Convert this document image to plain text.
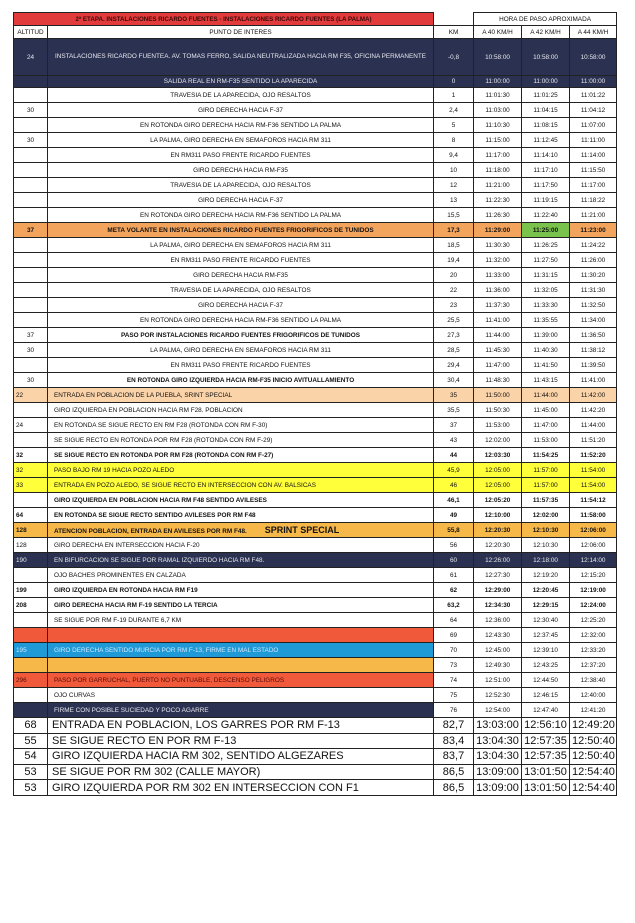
2ª ETAPA. INSTALACIONES RICARDO FUENTES - INSTALACIONES RICARDO FUENTES (LA PALMA)			HORA DE PASO APROXIMADA		
ALTITUD	PUNTO DE INTERES	KM	A 40 KM/H	A 42 KM/H	A 44 KM/H
24	INSTALACIONES RICARDO FUENTEA. AV. TOMAS FERRO, SALIDA NEUTRALIZADA HACIA RM F35, OFICINA PERMANENTE	-0,8	10:58:00	10:58:00	10:58:00
	SALIDA REAL EN RM-F35 SENTIDO LA APARECIDA	0	11:00:00	11:00:00	11:00:00
	TRAVESIA DE LA APARECIDA, OJO RESALTOS	1	11:01:30	11:01:25	11:01:22
30	GIRO DERECHA HACIA F-37	2,4	11:03:00	11:04:15	11:04:12
	EN ROTONDA GIRO DERECHA HACIA RM-F36 SENTIDO LA PALMA	5	11:10:30	11:08:15	11:07:00
30	LA PALMA, GIRO DERECHA EN SEMAFOROS HACIA RM 311	8	11:15:00	11:12:45	11:11:00
	EN RM311 PASO FRENTE RICARDO FUENTES	9,4	11:17:00	11:14:10	11:14:00
	GIRO DERECHA HACIA RM-F35	10	11:18:00	11:17:10	11:15:50
	TRAVESIA DE LA APARECIDA, OJO RESALTOS	12	11:21:00	11:17:50	11:17:00
	GIRO DERECHA HACIA F-37	13	11:22:30	11:19:15	11:18:22
	EN ROTONDA GIRO DERECHA HACIA RM-F36 SENTIDO LA PALMA	15,5	11:26:30	11:22:40	11:21:00
37	META VOLANTE EN INSTALACIONES RICARDO FUENTES FRIGORIFICOS DE TUNIDOS	17,3	11:29:00	11:25:00	11:23:00
	LA PALMA, GIRO DERECHA EN SEMAFOROS HACIA RM 311	18,5	11:30:30	11:26:25	11:24:22
	EN RM311 PASO FRENTE RICARDO FUENTES	19,4	11:32:00	11:27:50	11:26:00
	GIRO DERECHA HACIA RM-F35	20	11:33:00	11:31:15	11:30:20
	TRAVESIA DE LA APARECIDA, OJO RESALTOS	22	11:36:00	11:32:05	11:31:30
	GIRO DERECHA HACIA F-37	23	11:37:30	11:33:30	11:32:50
	EN ROTONDA GIRO DERECHA HACIA RM-F36 SENTIDO LA PALMA	25,5	11:41:00	11:35:55	11:34:00
37	PASO POR INSTALACIONES RICARDO FUENTES FRIGORIFICOS DE TUNIDOS	27,3	11:44:00	11:39:00	11:36:50
30	LA PALMA, GIRO DERECHA EN SEMAFOROS HACIA RM 311	28,5	11:45:30	11:40:30	11:38:12
	EN RM311 PASO FRENTE RICARDO FUENTES	29,4	11:47:00	11:41:50	11:39:50
30	EN ROTONDA GIRO IZQUIERDA HACIA RM-F35 INICIO AVITUALLAMIENTO	30,4	11:48:30	11:43:15	11:41:00
22	ENTRADA EN POBLACION DE LA PUEBLA, SRINT SPECIAL	35	11:50:00	11:44:00	11:42:00
	GIRO IZQUIERDA EN POBLACION HACIA RM F28. POBLACION	35,5	11:50:30	11:45:00	11:42:20
24	EN ROTONDA SE SIGUE RECTO EN RM F28 (ROTONDA CON RM F-30)	37	11:53:00	11:47:00	11:44:00
	SE SIGUE RECTO EN ROTONDA POR RM F28 (ROTONDA CON RM F-29)	43	12:02:00	11:53:00	11:51:20
32	SE SIGUE RECTO EN ROTONDA POR RM F28 (ROTONDA CON RM F-27)	44	12:03:30	11:54:25	11:52:20
32	PASO BAJO RM 19 HACIA POZO ALEDO	45,9	12:05:00	11:57:00	11:54:00
33	ENTRADA EN POZO ALEDO, SE SIGUE RECTO EN INTERSECCION CON AV. BALSICAS	46	12:05:00	11:57:00	11:54:00
	GIRO IZQUIERDA EN POBLACION HACIA RM F48 SENTIDO AVILESES	46,1	12:05:20	11:57:35	11:54:12
64	EN ROTONDA SE SIGUE RECTO SENTIDO AVILESES POR RM F48	49	12:10:00	12:02:00	11:58:00
128	ATENCION POBLACION, ENTRADA EN AVILESES POR RM F48. SPRINT SPECIAL	55,8	12:20:30	12:10:30	12:06:00
128	GIRO DERECHA EN INTERSECCION HACIA F-20	56	12:20:30	12:10:30	12:06:00
190	EN BIFURCACION SE SIGUE POR RAMAL IZQUIERDO HACIA RM F48.	60	12:26:00	12:18:00	12:14:00
	OJO BACHES PROMINENTES EN CALZADA	61	12:27:30	12:19:20	12:15:20
199	GIRO IZQUIERDA EN ROTONDA HACIA RM F19	62	12:29:00	12:20:45	12:19:00
208	GIRO DERECHA HACIA RM F-19 SENTIDO LA TERCIA	63,2	12:34:30	12:29:15	12:24:00
	SE SIGUE POR RM F-19 DURANTE 6,7 KM	64	12:36:00	12:30:40	12:25:20
		69	12:43:30	12:37:45	12:32:00
195	GIRO DERECHA SENTIDO MURCIA POR RM F-13, FIRME EN MAL ESTADO	70	12:45:00	12:39:10	12:33:20
		73	12:49:30	12:43:25	12:37:20
296	PASO POR GARRUCHAL, PUERTO NO PUNTUABLE, DESCENSO PELIGROS	74	12:51:00	12:44:50	12:38:40
	OJO CURVAS	75	12:52:30	12:46:15	12:40:00
	FIRME CON POSIBLE SUCIEDAD Y POCO AGARRE	76	12:54:00	12:47:40	12:41:20
68	ENTRADA EN POBLACION, LOS GARRES POR RM F-13	82,7	13:03:00	12:56:10	12:49:20
55	SE SIGUE RECTO EN POR RM F-13	83,4	13:04:30	12:57:35	12:50:40
54	GIRO IZQUIERDA HACIA RM 302, SENTIDO ALGEZARES	83,7	13:04:30	12:57:35	12:50:40
53	SE SIGUE POR RM 302 (CALLE MAYOR)	86,5	13:09:00	13:01:50	12:54:40
53	GIRO IZQUIERDA POR RM 302 EN INTERSECCION CON F1	86,5	13:09:00	13:01:50	12:54:40
